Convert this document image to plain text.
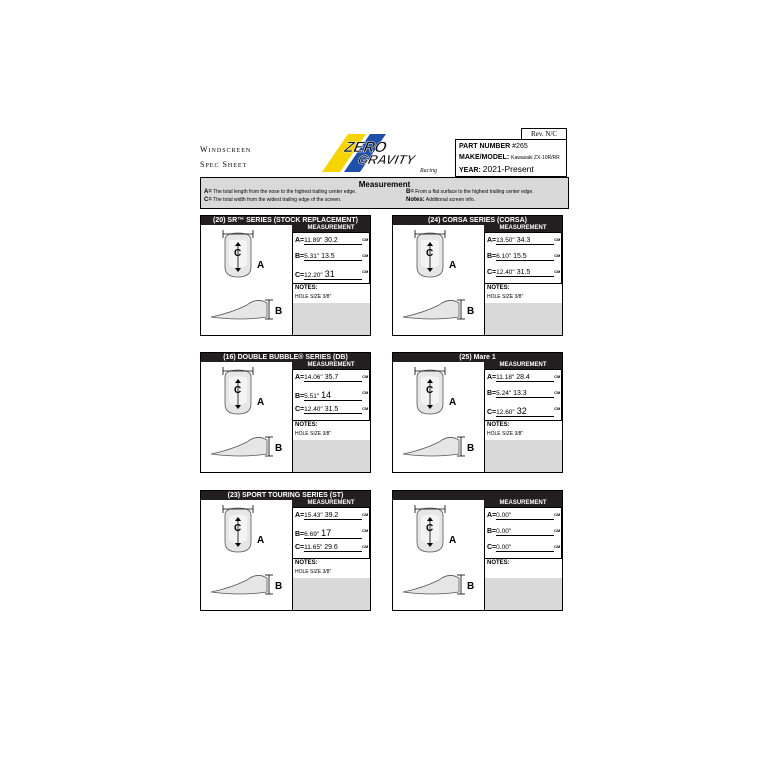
Windscreen
Spec Sheet
ZERO
GRAVITY
Racing
Rev. N/C
PART NUMBER #265
MAKE/MODEL: Kawasaki ZX-10R/RR
YEAR: 2021-Present
Measurement
A= The total length from the nose to the highest trailing center edge.
C= The total width from the widest trailing edge of the screen.
B= From a flat surface to the highest trailing center edge.
Notes: Additional screen info.
(20) SR™ SERIES (STOCK REPLACEMENT)
C
A
B
MEASUREMENT
A=11.89" 30.2	$^{CM}$
B=5.31" 13.5	$^{CM}$
C=12.20" 31	$^{CM}$
NOTES:
HOLE SIZE 3/8"
(24) CORSA SERIES (CORSA)
C
A
B
MEASUREMENT
A=13.50" 34.3	$^{CM}$
B=6.10" 15.5	$^{CM}$
C=12.40" 31.5	$^{CM}$
NOTES:
HOLE SIZE 3/8"
(16) DOUBLE BUBBLE® SERIES (DB)
C
A
B
MEASUREMENT
A=14.06" 35.7	$^{CM}$
B=5.51" 14	$^{CM}$
C=12.40" 31.5	$^{CM}$
NOTES:
HOLE SIZE 3/8"
(25) Mare 1
C
A
B
MEASUREMENT
A=11.18" 28.4	$^{CM}$
B=5.24" 13.3	$^{CM}$
C=12.60" 32	$^{CM}$
NOTES:
HOLE SIZE 3/8"
(23) SPORT TOURING SERIES (ST)
C
A
B
MEASUREMENT
A=15.43" 39.2	$^{CM}$
B=6.69" 17	$^{CM}$
C=11.65" 29.6	$^{CM}$
NOTES:
HOLE SIZE 3/8"
C
A
B
MEASUREMENT
A=0.00"	$^{CM}$
B=0.00"	$^{CM}$
C=0.00"	$^{CM}$
NOTES:
